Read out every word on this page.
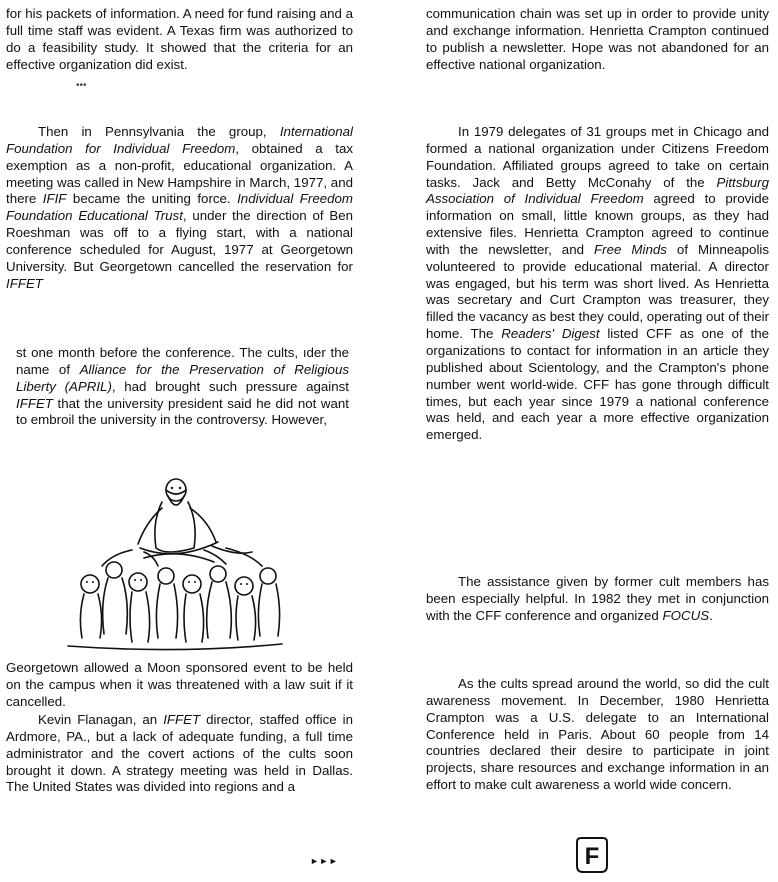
for his packets of information. A need for fund raising and a full time staff was evident. A Texas firm was authorized to do a feasibility study. It showed that the criteria for an effective organization did exist.

Then in Pennsylvania the group, International Foundation for Individual Freedom, obtained a tax exemption as a non-profit, educational organization. A meeting was called in New Hampshire in March, 1977, and there IFIF became the uniting force. Individual Freedom Foundation Educational Trust, under the direction of Ben Roeshman was off to a flying start, with a national conference scheduled for August, 1977 at Georgetown University. But Georgetown cancelled the reservation for IFFET

st one month before the conference. The cults, ıder the name of Alliance for the Preservation of Religious Liberty (APRIL), had brought such pressure against IFFET that the university president said he did not want to embroil the university in the controversy. However,

•••

Georgetown allowed a Moon sponsored event to be held on the campus when it was threatened with a law suit if it cancelled.

Kevin Flanagan, an IFFET director, staffed office in Ardmore, PA., but a lack of adequate funding, a full time administrator and the covert actions of the cults soon brought it down. A strategy meeting was held in Dallas. The United States was divided into regions and a

►►►

communication chain was set up in order to provide unity and exchange information. Henrietta Crampton continued to publish a newsletter. Hope was not abandoned for an effective national organization.

In 1979 delegates of 31 groups met in Chicago and formed a national organization under Citizens Freedom Foundation. Affiliated groups agreed to take on certain tasks. Jack and Betty McConahy of the Pittsburg Association of Individual Freedom agreed to provide information on small, little known groups, as they had extensive files. Henrietta Crampton agreed to continue with the newsletter, and Free Minds of Minneapolis volunteered to provide educational material. A director was engaged, but his term was short lived. As Henrietta was secretary and Curt Crampton was treasurer, they filled the vacancy as best they could, operating out of their home. The Readers' Digest listed CFF as one of the organizations to contact for information in an article they published about Scientology, and the Crampton's phone number went world-wide. CFF has gone through difficult times, but each year since 1979 a national conference was held, and each year a more effective organization emerged.

The assistance given by former cult members has been especially helpful. In 1982 they met in conjunction with the CFF conference and organized FOCUS.

As the cults spread around the world, so did the cult awareness movement. In December, 1980 Henrietta Crampton was a U.S. delegate to an International Conference held in Paris. About 60 people from 14 countries declared their desire to participate in joint projects, share resources and exchange information in an effort to make cult awareness a world wide concern.

F
